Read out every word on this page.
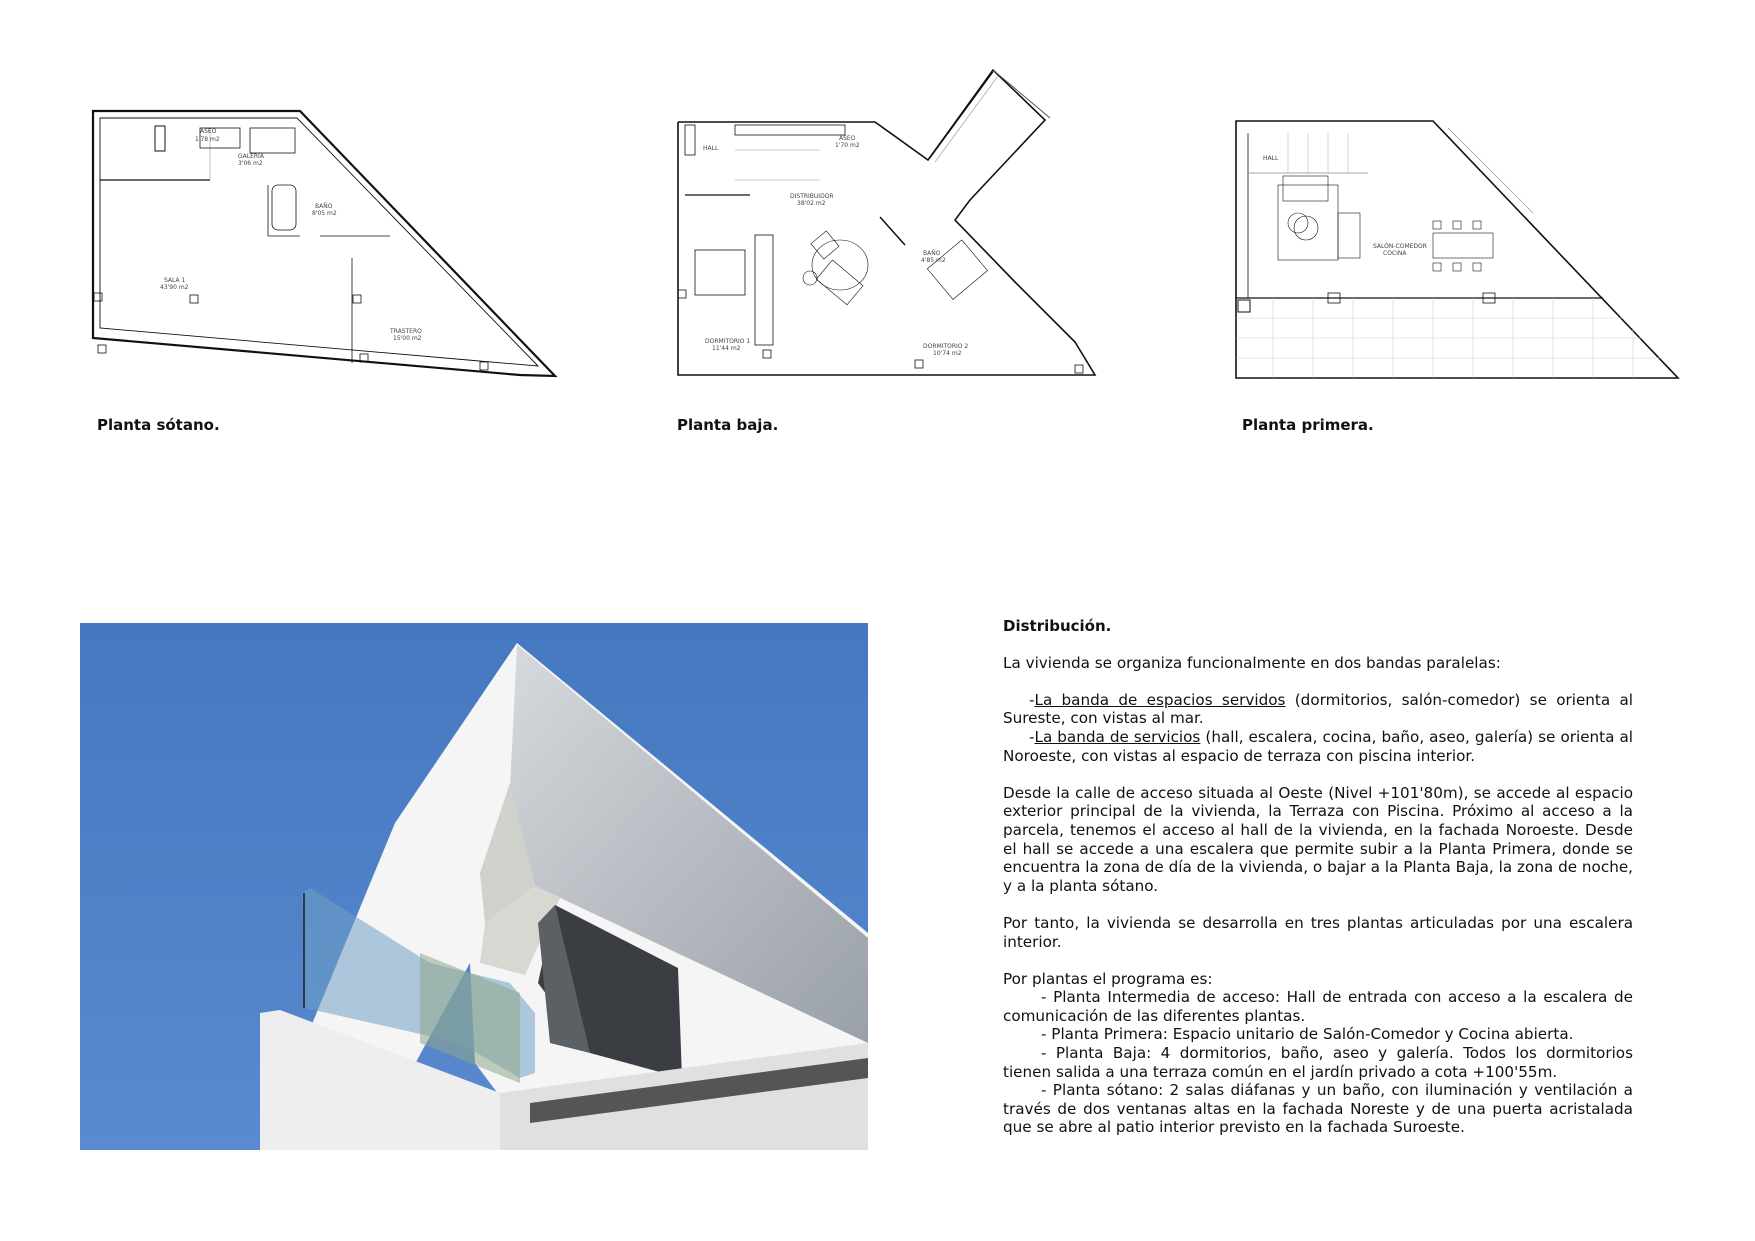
ASEO
1'78 m2
GALERÍA
3'06 m2
BAÑO
8'05 m2
SALA 1
43'90 m2
TRASTERO
15'00 m2
Planta sótano.
HALL
ASEO
1'70 m2
DISTRIBUIDOR
38'02 m2
BAÑO
4'85 m2
DORMITORIO 1
11'44 m2	DORMITORIO 2
10'74 m2
Planta baja.
HALL
SALÓN-COMEDOR
COCINA
Planta primera.

Distribución.

La vivienda se organiza funcionalmente en dos bandas paralelas:

-La banda de espacios servidos (dormitorios, salón-comedor) se orienta al Sureste, con vistas al mar.

-La banda de servicios (hall, escalera, cocina, baño, aseo, galería) se orienta al Noroeste, con vistas al espacio de terraza con piscina interior.

Desde la calle de acceso situada al Oeste (Nivel +101'80m), se accede al espacio exterior principal de la vivienda, la Terraza con Piscina. Próximo al acceso a la parcela, tenemos el acceso al hall de la vivienda, en la fachada Noroeste. Desde el hall se accede a una escalera que permite subir a la Planta Primera, donde se encuentra la zona de día de la vivienda, o bajar a la Planta Baja, la zona de noche, y a la planta sótano.

Por tanto, la vivienda se desarrolla en tres plantas articuladas por una escalera interior.

Por plantas el programa es:

- Planta Intermedia de acceso: Hall de entrada con acceso a la escalera de comunicación de las diferentes plantas.

- Planta Primera: Espacio unitario de Salón-Comedor y Cocina abierta.

- Planta Baja: 4 dormitorios, baño, aseo y galería. Todos los dormitorios tienen salida a una terraza común en el jardín privado a cota +100'55m.

- Planta sótano: 2 salas diáfanas y un baño, con iluminación y ventilación a través de dos ventanas altas en la fachada Noreste y de una puerta acristalada que se abre al patio interior previsto en la fachada Suroeste.
